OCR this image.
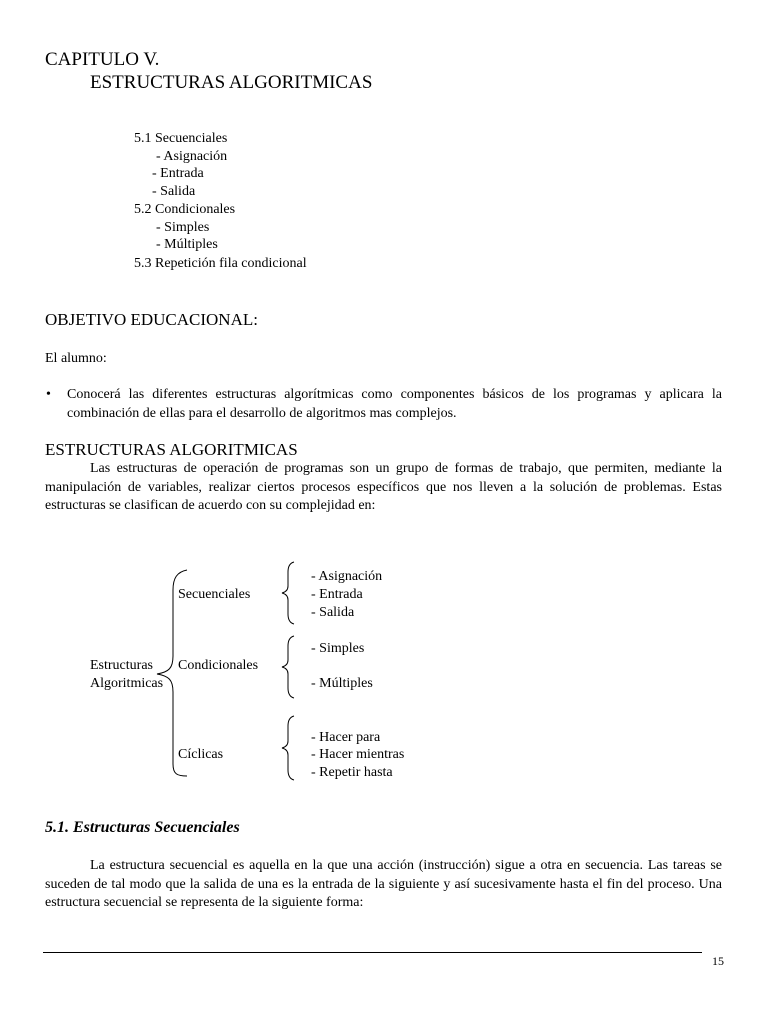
CAPITULO V.
ESTRUCTURAS ALGORITMICAS
5.1 Secuenciales
- Asignación
- Entrada
- Salida
5.2 Condicionales
- Simples
- Múltiples
5.3 Repetición fila condicional
OBJETIVO EDUCACIONAL:
El alumno:
• Conocerá las diferentes estructuras algorítmicas como componentes básicos de los programas y aplicara la combinación de ellas para el desarrollo de algoritmos mas complejos.
ESTRUCTURAS ALGORITMICAS
Las estructuras de operación de programas son un grupo de formas de trabajo, que permiten, mediante la manipulación de variables, realizar ciertos procesos específicos que nos lleven a la solución de problemas. Estas estructuras se clasifican de acuerdo con su complejidad en:
Estructuras
Algoritmicas
Secuenciales
Condicionales
Cíclicas
- Asignación
- Entrada
- Salida
- Simples
- Múltiples
- Hacer para
- Hacer mientras
- Repetir hasta
5.1. Estructuras Secuenciales
La estructura secuencial es aquella en la que una acción (instrucción) sigue a otra en secuencia. Las tareas se suceden de tal modo que la salida de una es la entrada de la siguiente y así sucesivamente hasta el fin del proceso. Una estructura secuencial se representa de la siguiente forma:
15
